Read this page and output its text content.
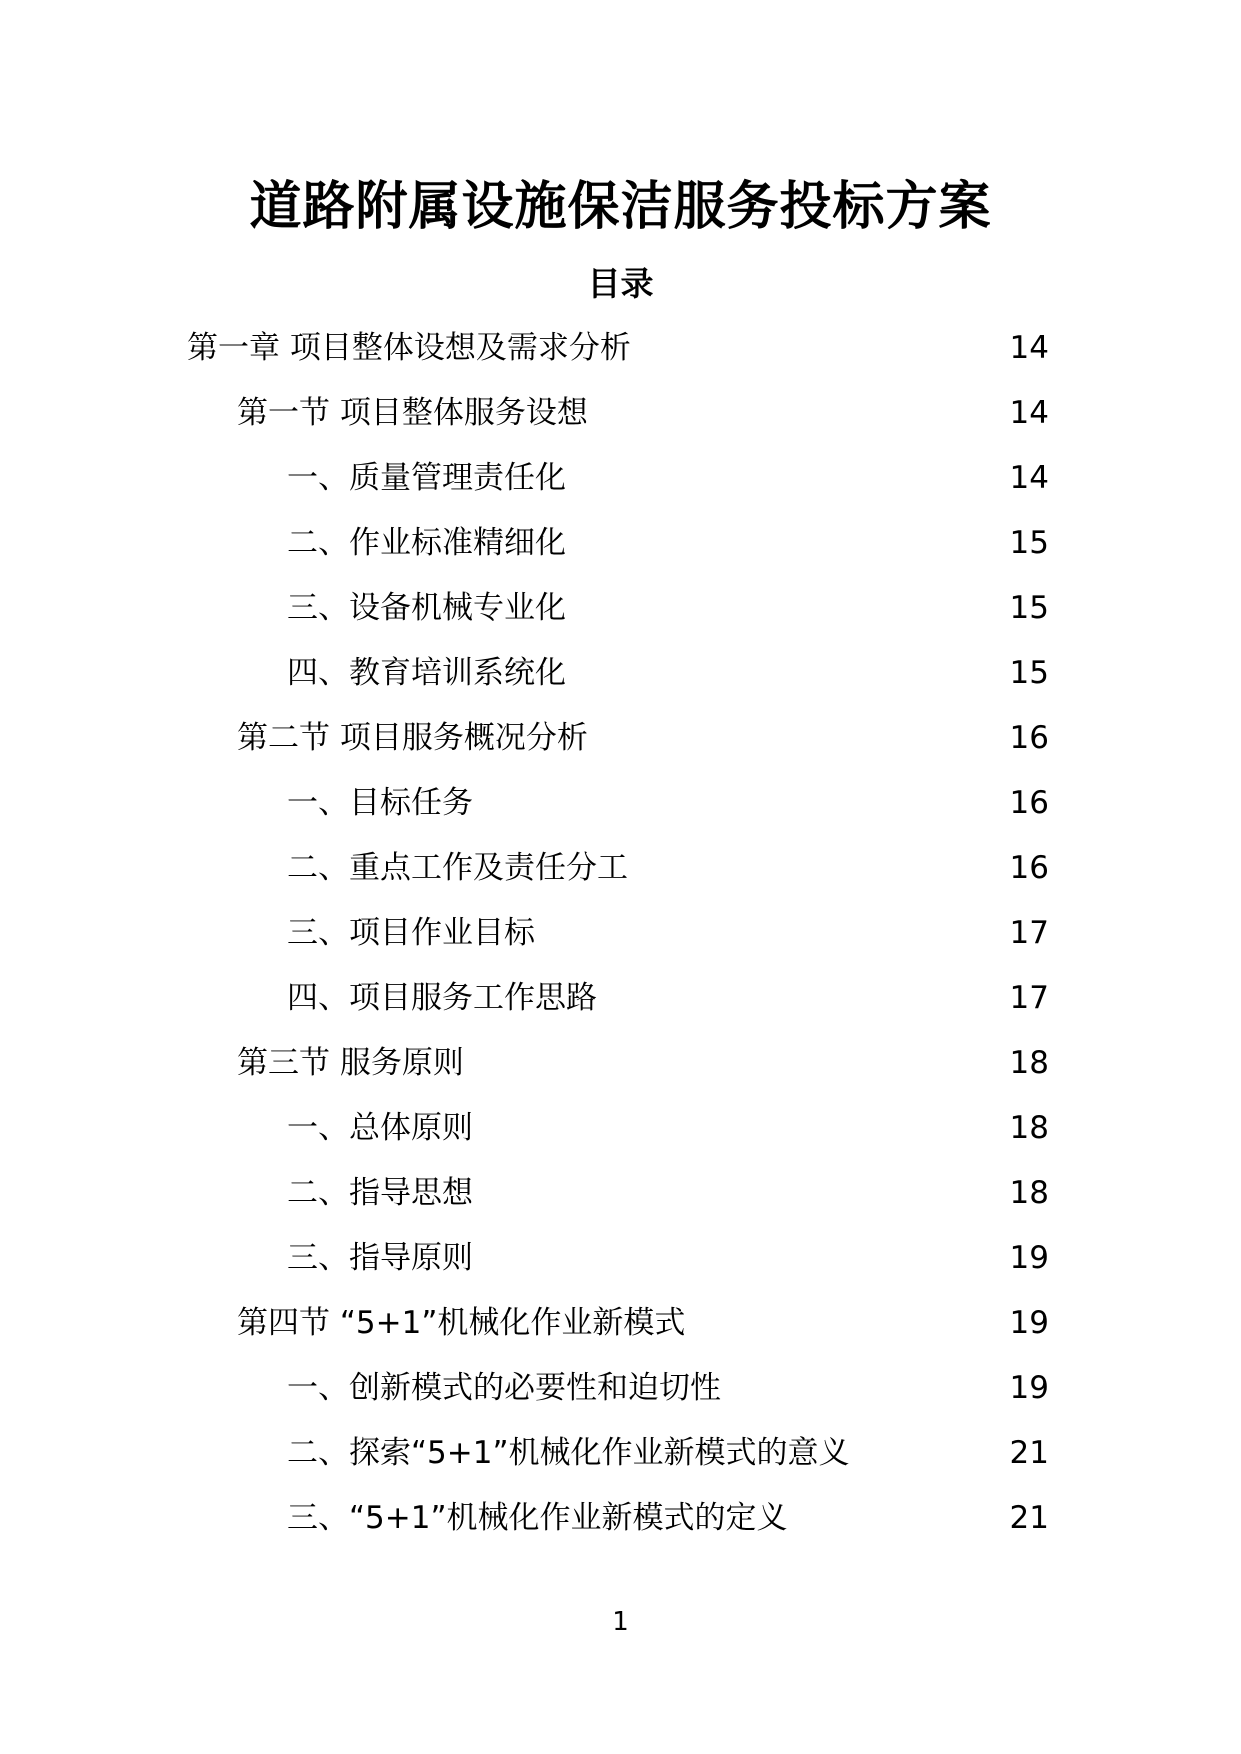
道路附属设施保洁服务投标方案
目录
第一章 项目整体设想及需求分析	14
第一节 项目整体服务设想	14
一、质量管理责任化	14
二、作业标准精细化	15
三、设备机械专业化	15
四、教育培训系统化	15
第二节 项目服务概况分析	16
一、目标任务	16
二、重点工作及责任分工	16
三、项目作业目标	17
四、项目服务工作思路	17
第三节 服务原则	18
一、总体原则	18
二、指导思想	18
三、指导原则	19
第四节 “5+1”机械化作业新模式	19
一、创新模式的必要性和迫切性	19
二、探索“5+1”机械化作业新模式的意义	21
三、“5+1”机械化作业新模式的定义	21
1
